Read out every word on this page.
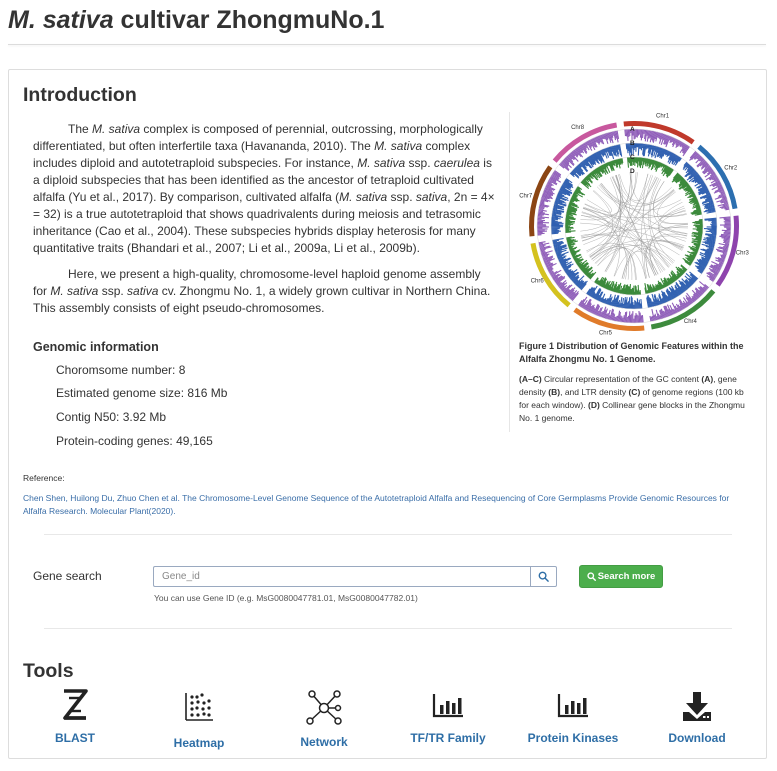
M. sativa cultivar ZhongmuNo.1
Introduction
The M. sativa complex is composed of perennial, outcrossing, morphologically differentiated, but often interfertile taxa (Havananda, 2010). The M. sativa complex includes diploid and autotetraploid subspecies. For instance, M. sativa ssp. caerulea is a diploid subspecies that has been identified as the ancestor of tetraploid cultivated alfalfa (Yu et al., 2017). By comparison, cultivated alfalfa (M. sativa ssp. sativa, 2n = 4× = 32) is a true autotetraploid that shows quadrivalents during meiosis and tetrasomic inheritance (Cao et al., 2004). These subspecies hybrids display heterosis for many quantitative traits (Bhandari et al., 2007; Li et al., 2009a, Li et al., 2009b).
Here, we present a high-quality, chromosome-level haploid genome assembly for M. sativa ssp. sativa cv. Zhongmu No. 1, a widely grown cultivar in Northern China. This assembly consists of eight pseudo-chromosomes.
Genomic information
Choromsome number: 8
Estimated genome size: 816 Mb
Contig N50: 3.92 Mb
Protein-coding genes: 49,165
Chr1
Chr2
Chr3
Chr4
Chr5
Chr6
Chr7
Chr8	A
B
C
D
Figure 1 Distribution of Genomic Features within the Alfalfa Zhongmu No. 1 Genome.
(A–C) Circular representation of the GC content (A), gene density (B), and LTR density (C) of genome regions (100 kb for each window). (D) Collinear gene blocks in the Zhongmu No. 1 genome.
Reference:
Chen Shen, Huilong Du, Zhuo Chen et al. The Chromosome-Level Genome Sequence of the Autotetraploid Alfalfa and Resequencing of Core Germplasms Provide Genomic Resources for Alfalfa Research. Molecular Plant(2020).
Gene search
Gene_id	Search more
You can use Gene ID (e.g. MsG0080047781.01, MsG0080047782.01)
Tools
BLAST	Heatmap	Network	TF/TR Family	Protein Kinases	Download
